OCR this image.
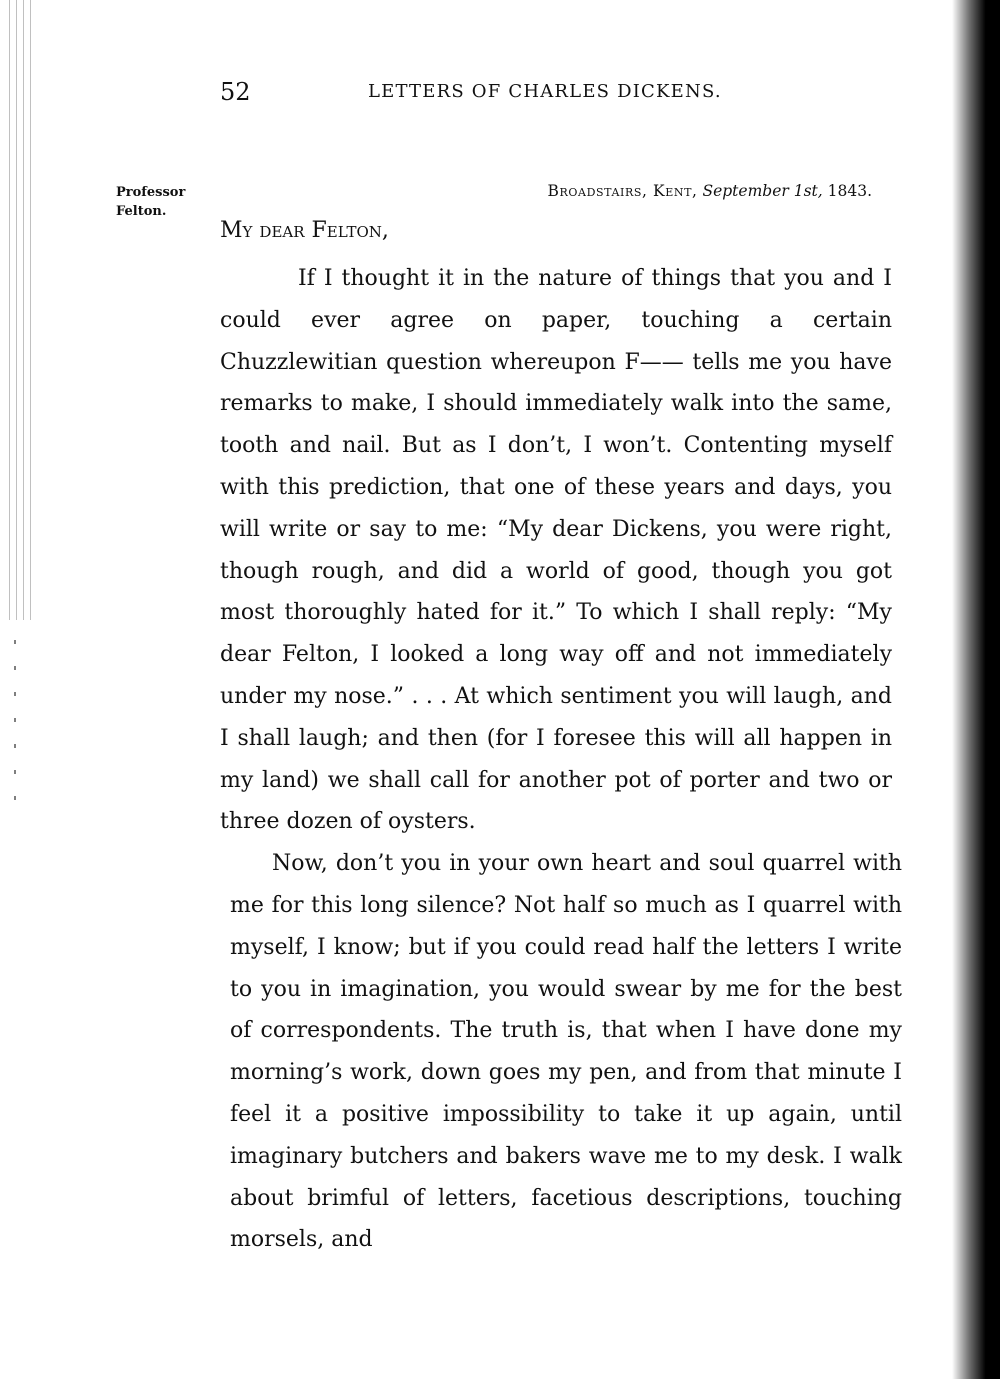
52	LETTERS OF CHARLES DICKENS.
Professor
Felton.
Broadstairs, Kent, September 1st, 1843.
My dear Felton,

If I thought it in the nature of things that you and I could ever agree on paper, touching a certain Chuzzlewitian question whereupon F—— tells me you have remarks to make, I should immediately walk into the same, tooth and nail. But as I don’t, I won’t. Contenting myself with this prediction, that one of these years and days, you will write or say to me: “My dear Dickens, you were right, though rough, and did a world of good, though you got most thoroughly hated for it.” To which I shall reply: “My dear Felton, I looked a long way off and not immediately under my nose.” . . . At which sentiment you will laugh, and I shall laugh; and then (for I foresee this will all happen in my land) we shall call for another pot of porter and two or three dozen of oysters.

Now, don’t you in your own heart and soul quarrel with me for this long silence? Not half so much as I quarrel with myself, I know; but if you could read half the letters I write to you in imagination, you would swear by me for the best of correspondents. The truth is, that when I have done my morning’s work, down goes my pen, and from that minute I feel it a positive impossibility to take it up again, until imaginary butchers and bakers wave me to my desk. I walk about brimful of letters, facetious descriptions, touching morsels, and
